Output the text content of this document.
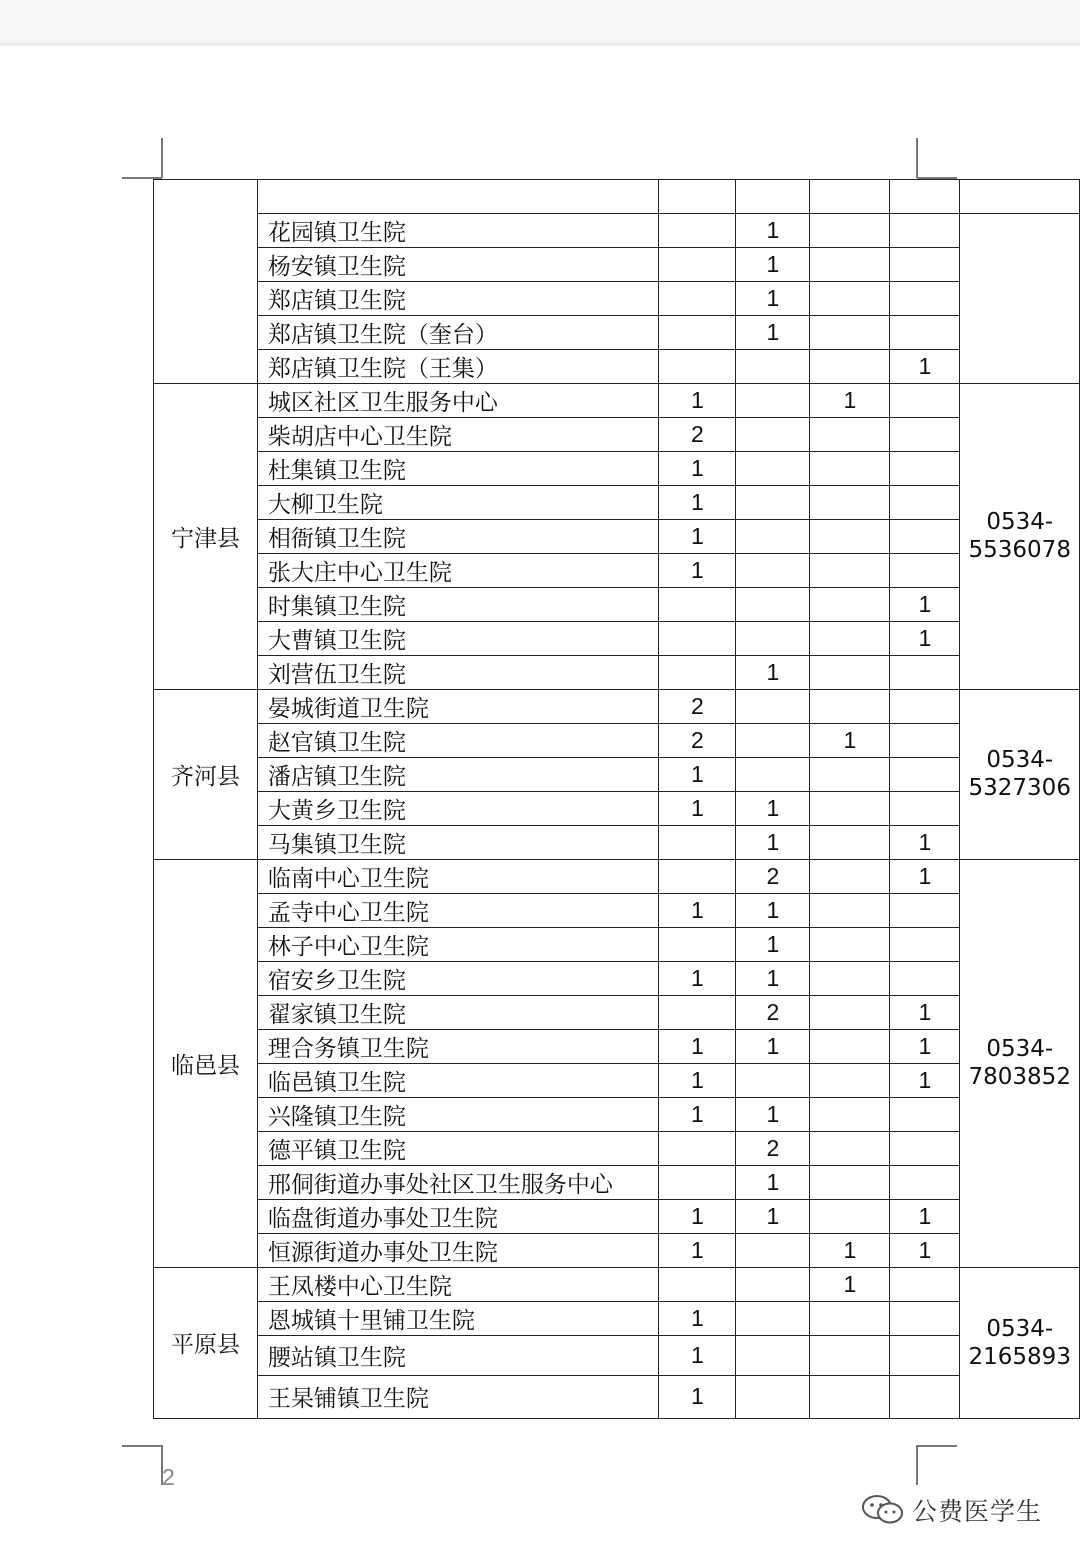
	花园镇卫生院		1			
	杨安镇卫生院		1			
	郑店镇卫生院		1			
	郑店镇卫生院（奎台）		1			
	郑店镇卫生院（王集）				1	
宁津县	城区社区卫生服务中心	1		1		0534-
5536078

	柴胡店中心卫生院	2				
	杜集镇卫生院	1				
	大柳卫生院	1				
	相衙镇卫生院	1				
	张大庄中心卫生院	1				
	时集镇卫生院				1	
	大曹镇卫生院				1	
	刘营伍卫生院		1			
齐河县	晏城街道卫生院	2				0534-
5327306

	赵官镇卫生院	2		1		
	潘店镇卫生院	1				
	大黄乡卫生院	1	1			
	马集镇卫生院		1		1	
临邑县	临南中心卫生院		2		1	0534-
7803852

	孟寺中心卫生院	1	1			
	林子中心卫生院		1			
	宿安乡卫生院	1	1			
	翟家镇卫生院		2		1	
	理合务镇卫生院	1	1		1	
	临邑镇卫生院	1			1	
	兴隆镇卫生院	1	1			
	德平镇卫生院		2			
	邢侗街道办事处社区卫生服务中心		1			
	临盘街道办事处卫生院	1	1		1	
	恒源街道办事处卫生院	1		1	1	
平原县	王凤楼中心卫生院			1		0534-
2165893

	恩城镇十里铺卫生院	1				
	腰站镇卫生院	1				
	王杲铺镇卫生院	1				
2
公费医学生
